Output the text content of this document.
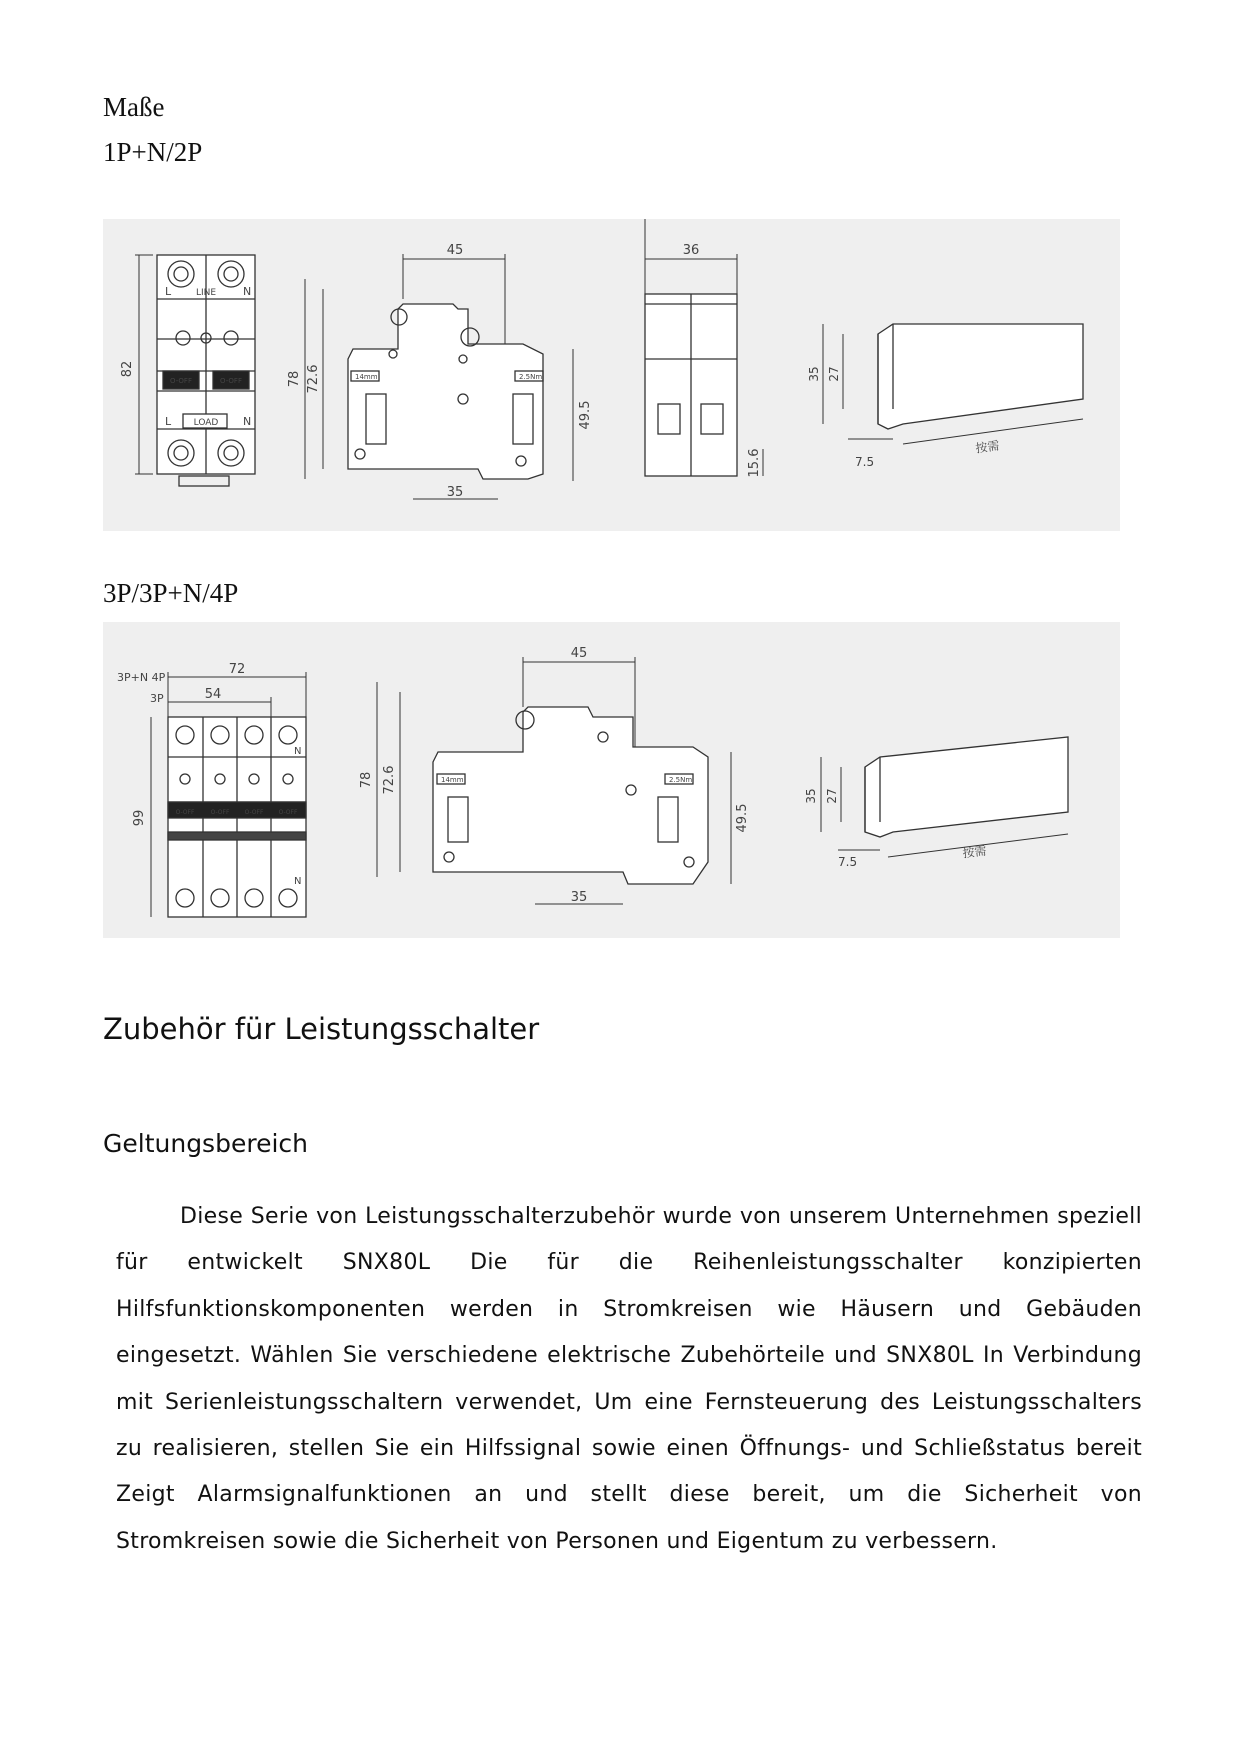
Maße
1P+N/2P
82
LINE
LOAD
L	N
L	N
O-OFF	O-OFF
45
78 72.6
49.5
35
14mm	2.5Nm
36
15.6
35 27
7.5
按需
3P/3P+N/4P
3P+N 4P
3P
72
54
99
N
N
O-OFF	O-OFF	O-OFF	O-OFF
45
78 72.6
49.5
35
14mm	2.5Nm
35 27
7.5
按需
Zubehör für Leistungsschalter
Geltungsbereich
Diese Serie von Leistungsschalterzubehör wurde von unserem Unternehmen speziell für entwickelt SNX80L Die für die Reihenleistungsschalter konzipierten Hilfsfunktionskomponenten werden in Stromkreisen wie Häusern und Gebäuden eingesetzt. Wählen Sie verschiedene elektrische Zubehörteile und SNX80L In Verbindung mit Serienleistungsschaltern verwendet, Um eine Fernsteuerung des Leistungsschalters zu realisieren, stellen Sie ein Hilfssignal sowie einen Öffnungs- und Schließstatus bereit Zeigt Alarmsignalfunktionen an und stellt diese bereit, um die Sicherheit von Stromkreisen sowie die Sicherheit von Personen und Eigentum zu verbessern.
